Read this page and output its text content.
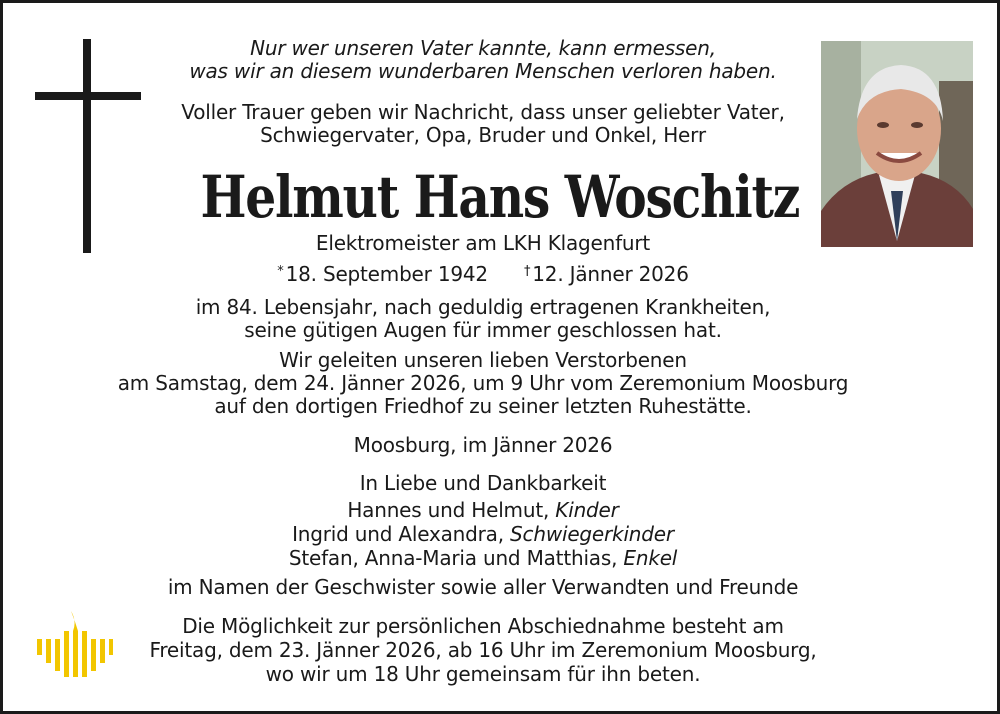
Nur wer unseren Vater kannte, kann ermessen,
was wir an diesem wunderbaren Menschen verloren haben.
Voller Trauer geben wir Nachricht, dass unser geliebter Vater,
Schwiegervater, Opa, Bruder und Onkel, Herr
Helmut Hans Woschitz
Elektromeister am LKH Klagenfurt
* 18. September 1942	† 12. Jänner 2026
im 84. Lebensjahr, nach geduldig ertragenen Krankheiten,
seine gütigen Augen für immer geschlossen hat.
Wir geleiten unseren lieben Verstorbenen
am Samstag, dem 24. Jänner 2026, um 9 Uhr vom Zeremonium Moosburg
auf den dortigen Friedhof zu seiner letzten Ruhestätte.
Moosburg, im Jänner 2026
In Liebe und Dankbarkeit
Hannes und Helmut, Kinder
Ingrid und Alexandra, Schwiegerkinder
Stefan, Anna-Maria und Matthias, Enkel
im Namen der Geschwister sowie aller Verwandten und Freunde
Die Möglichkeit zur persönlichen Abschiednahme besteht am
Freitag, dem 23. Jänner 2026, ab 16 Uhr im Zeremonium Moosburg,
wo wir um 18 Uhr gemeinsam für ihn beten.
